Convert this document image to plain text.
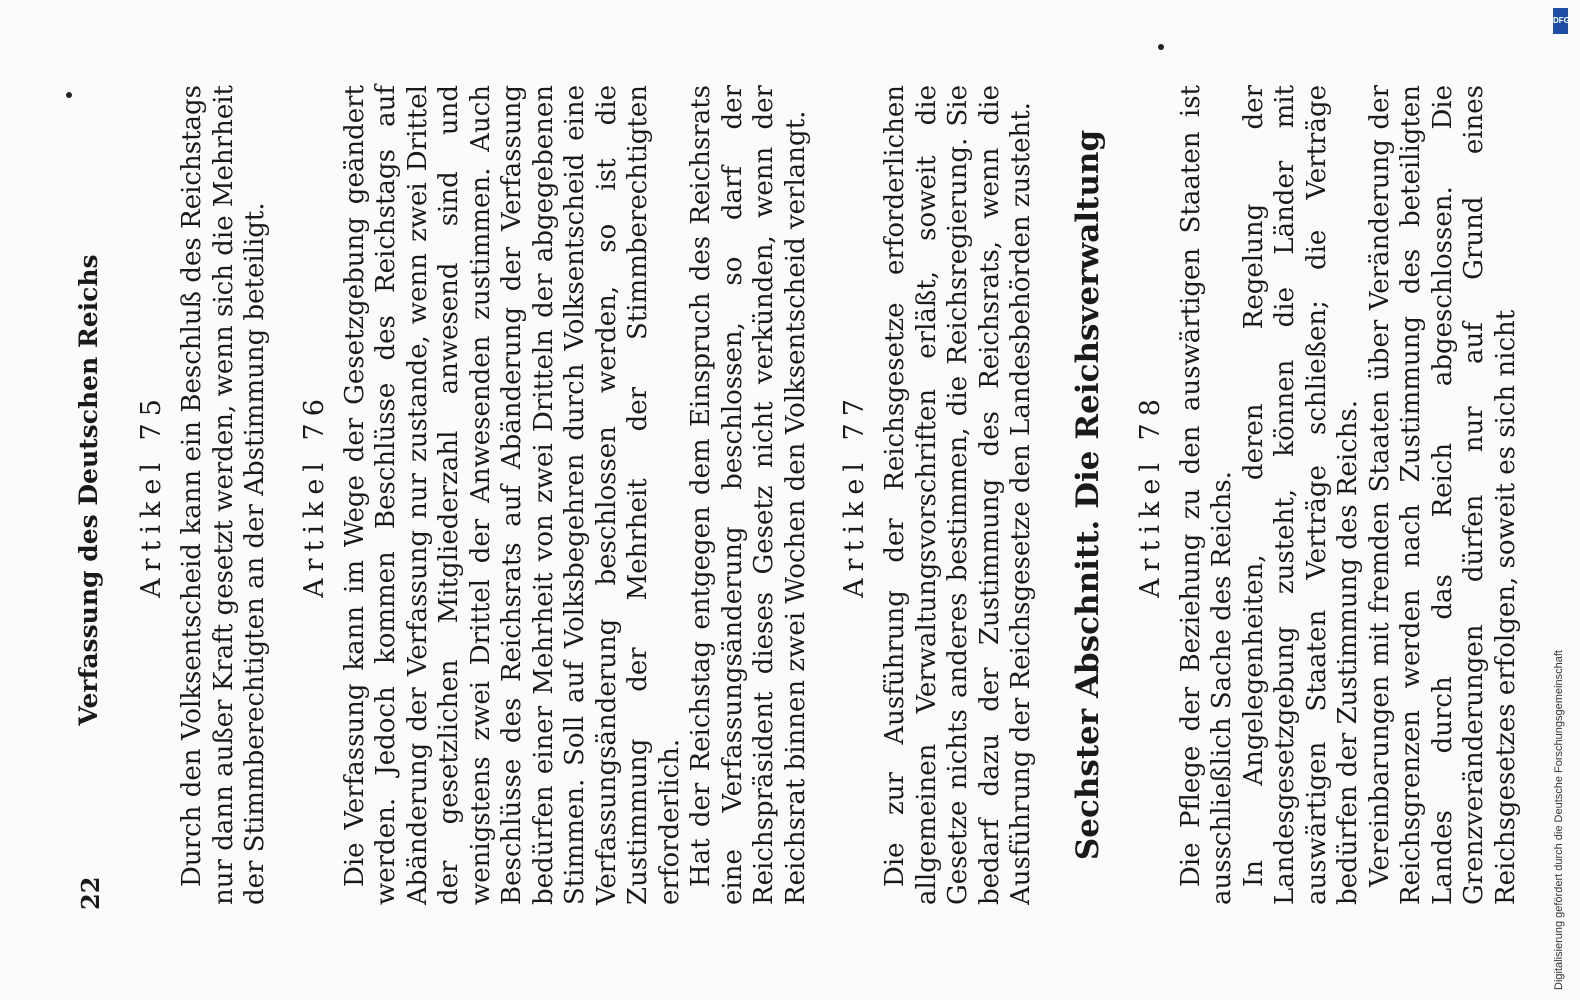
22
Verfassung des Deutschen Reichs Artikel 75 Durch den Volksentscheid kann ein Beschluß des Reichstags nur dann außer Kraft gesetzt werden, wenn sich die Mehrheit der Stimmberechtigten an der Abstimmung beteiligt. Artikel 76 Die Verfassung kann im Wege der Gesetzgebung geändert werden. Jedoch kommen Beschlüsse des Reichstags auf Abänderung der Verfassung nur zustande, wenn zwei Drittel der gesetzlichen Mitgliederzahl anwesend sind und wenigstens zwei Drittel der Anwesenden zustimmen. Auch Beschlüsse des Reichsrats auf Abänderung der Verfassung bedürfen einer Mehrheit von zwei Dritteln der abgegebenen Stimmen. Soll auf Volksbegehren durch Volksentscheid eine Verfassungsänderung beschlossen werden, so ist die Zustimmung der Mehrheit der Stimmberechtigten erforderlich. Hat der Reichstag entgegen dem Einspruch des Reichsrats eine Verfassungsänderung beschlossen, so darf der Reichspräsident dieses Gesetz nicht verkünden, wenn der Reichsrat binnen zwei Wochen den Volksentscheid verlangt. Artikel 77 Die zur Ausführung der Reichsgesetze erforderlichen allgemeinen Verwaltungsvorschriften erläßt, soweit die Gesetze nichts anderes bestimmen, die Reichsregierung. Sie bedarf dazu der Zustimmung des Reichsrats, wenn die Ausführung der Reichsgesetze den Landesbehörden zusteht. Sechster Abschnitt. Die Reichsverwaltung Artikel 78 Die Pflege der Beziehung zu den auswärtigen Staaten ist ausschließlich Sache des Reichs. In Angelegenheiten, deren Regelung der Landesgesetzgebung zusteht, können die Länder mit auswärtigen Staaten Verträge schließen; die Verträge bedürfen der Zustimmung des Reichs. Vereinbarungen mit fremden Staaten über Veränderung der Reichsgrenzen werden nach Zustimmung des beteiligten Landes durch das Reich abgeschlossen. Die Grenzveränderungen dürfen nur auf Grund eines Reichsgesetzes erfolgen, soweit es sich nicht

DFG
Digitalisierung gefördert durch die Deutsche Forschungsgemeinschaft
